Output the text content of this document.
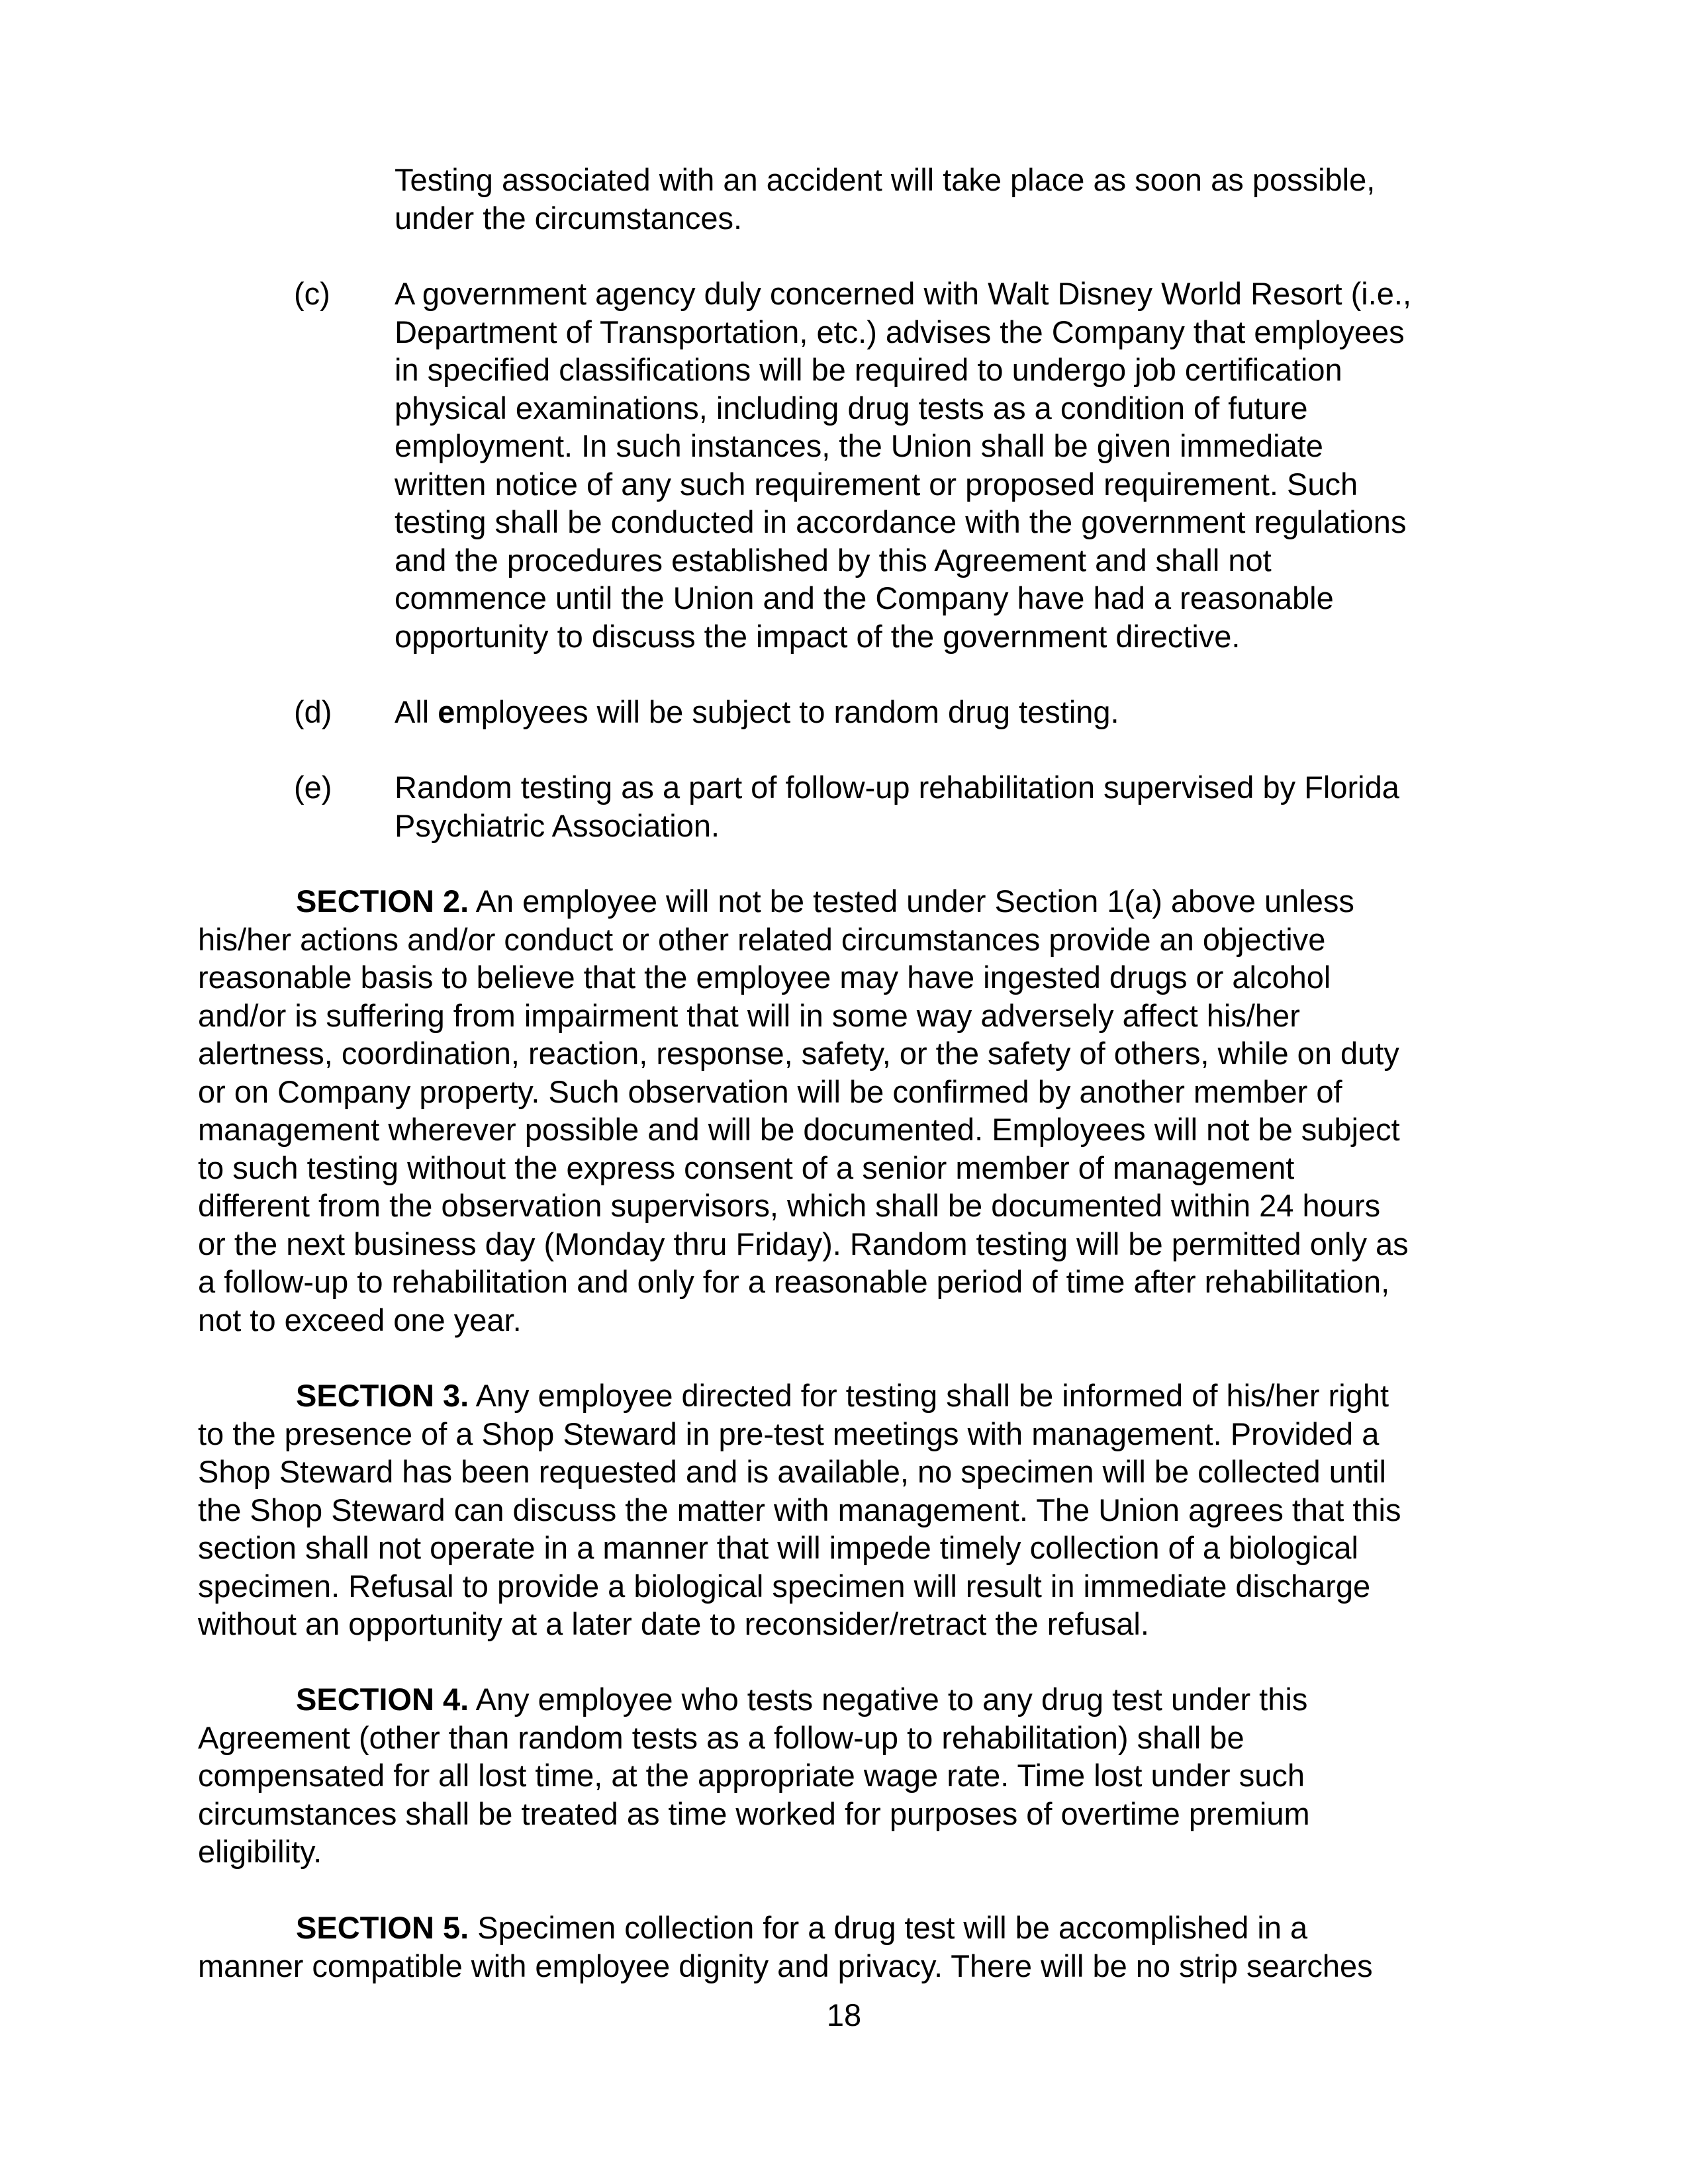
Testing associated with an accident will take place as soon as possible,
under the circumstances.
(c) A government agency duly concerned with Walt Disney World Resort (i.e.,
Department of Transportation, etc.) advises the Company that employees
in specified classifications will be required to undergo job certification
physical examinations, including drug tests as a condition of future
employment. In such instances, the Union shall be given immediate
written notice of any such requirement or proposed requirement. Such
testing shall be conducted in accordance with the government regulations
and the procedures established by this Agreement and shall not
commence until the Union and the Company have had a reasonable
opportunity to discuss the impact of the government directive.
(d) All employees will be subject to random drug testing.
(e) Random testing as a part of follow-up rehabilitation supervised by Florida
Psychiatric Association.
SECTION 2. An employee will not be tested under Section 1(a) above unless
his/her actions and/or conduct or other related circumstances provide an objective
reasonable basis to believe that the employee may have ingested drugs or alcohol
and/or is suffering from impairment that will in some way adversely affect his/her
alertness, coordination, reaction, response, safety, or the safety of others, while on duty
or on Company property. Such observation will be confirmed by another member of
management wherever possible and will be documented. Employees will not be subject
to such testing without the express consent of a senior member of management
different from the observation supervisors, which shall be documented within 24 hours
or the next business day (Monday thru Friday). Random testing will be permitted only as
a follow-up to rehabilitation and only for a reasonable period of time after rehabilitation,
not to exceed one year.
SECTION 3. Any employee directed for testing shall be informed of his/her right
to the presence of a Shop Steward in pre-test meetings with management. Provided a
Shop Steward has been requested and is available, no specimen will be collected until
the Shop Steward can discuss the matter with management. The Union agrees that this
section shall not operate in a manner that will impede timely collection of a biological
specimen. Refusal to provide a biological specimen will result in immediate discharge
without an opportunity at a later date to reconsider/retract the refusal.
SECTION 4. Any employee who tests negative to any drug test under this
Agreement (other than random tests as a follow-up to rehabilitation) shall be
compensated for all lost time, at the appropriate wage rate. Time lost under such
circumstances shall be treated as time worked for purposes of overtime premium
eligibility.
SECTION 5. Specimen collection for a drug test will be accomplished in a
manner compatible with employee dignity and privacy. There will be no strip searches
18
